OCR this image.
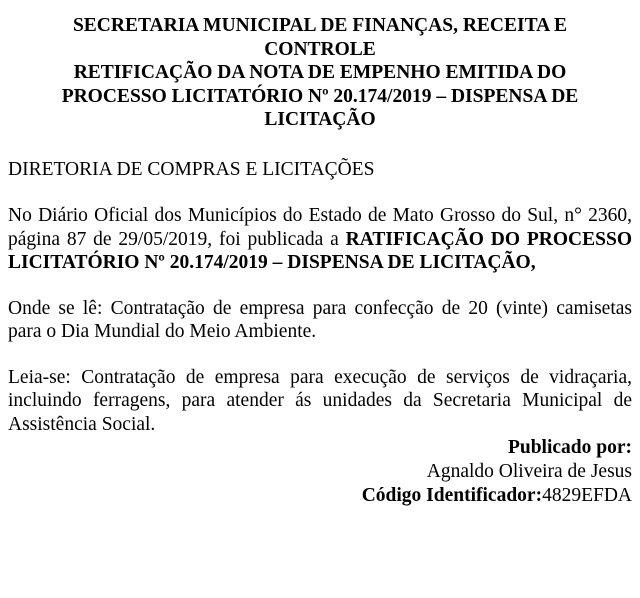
SECRETARIA MUNICIPAL DE FINANÇAS, RECEITA E
CONTROLE
RETIFICAÇÃO DA NOTA DE EMPENHO EMITIDA DO
PROCESSO LICITATÓRIO Nº 20.174/2019 – DISPENSA DE
LICITAÇÃO
DIRETORIA DE COMPRAS E LICITAÇÕES

No Diário Oficial dos Municípios do Estado de Mato Grosso do Sul, n° 2360, página 87 de 29/05/2019, foi publicada a RATIFICAÇÃO DO PROCESSO LICITATÓRIO Nº 20.174/2019 – DISPENSA DE LICITAÇÃO,

Onde se lê: Contratação de empresa para confecção de 20 (vinte) camisetas para o Dia Mundial do Meio Ambiente.

Leia-se: Contratação de empresa para execução de serviços de vidraçaria, incluindo ferragens, para atender ás unidades da Secretaria Municipal de Assistência Social.

Publicado por:
Agnaldo Oliveira de Jesus
Código Identificador:4829EFDA
